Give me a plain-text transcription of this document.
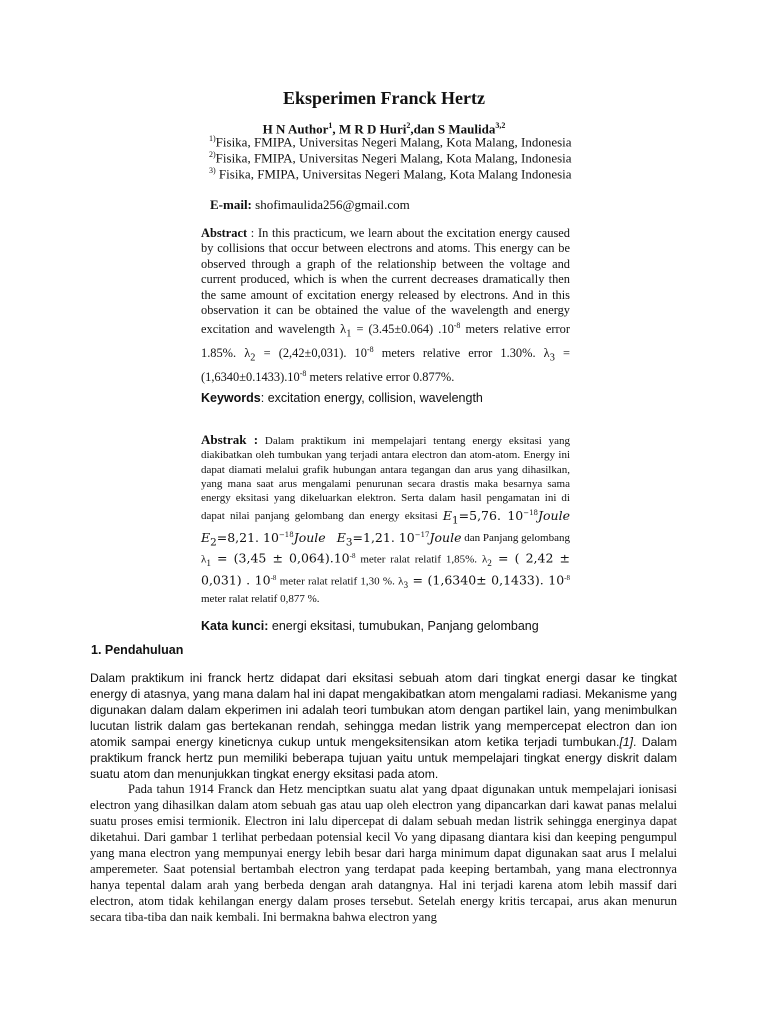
Eksperimen Franck Hertz
H N Author$^1$, M R D Huri$^2$,dan S Maulida$^{3,2}$
$^{1)}$Fisika, FMIPA, Universitas Negeri Malang, Kota Malang, Indonesia
$^{2)}$Fisika, FMIPA, Universitas Negeri Malang, Kota Malang, Indonesia
$^{3)}$ Fisika, FMIPA, Universitas Negeri Malang, Kota Malang Indonesia
E-mail: shofimaulida256@gmail.com
Abstract : In this practicum, we learn about the excitation energy caused by collisions that occur between electrons and atoms. This energy can be observed through a graph of the relationship between the voltage and current produced, which is when the current decreases dramatically then the same amount of excitation energy released by electrons. And in this observation it can be obtained the value of the wavelength and energy excitation and wavelength $\lambda_1 = (3.45\pm 0.064)$ $.10^{-8}$ meters relative error 1.85%. $\lambda_2 = (2,42\pm 0,031)$. $10^{-8}$ meters relative error 1.30%. $\lambda_3 = (1,6340\pm 0.1433).10^{-8}$ meters relative error 0.877%.
Keywords: excitation energy, collision, wavelength
Abstrak : Dalam praktikum ini mempelajari tentang energy eksitasi yang diakibatkan oleh tumbukan yang terjadi antara electron dan atom-atom. Energy ini dapat diamati melalui grafik hubungan antara tegangan dan arus yang dihasilkan, yang mana saat arus mengalami penurunan secara drastis maka besarnya sama energy eksitasi yang dikeluarkan elektron. Serta dalam hasil pengamatan ini di dapat nilai panjang gelombang dan energy eksitasi $E_1=5,76$. $10^{-18}Joule$ $E_2=8,21$. $10^{-18}Joule$ $E_3=1,21$. $10^{-17}Joule$ dan Panjang gelombang $\lambda_1 = (3,45 \pm 0,064).10^{-8}$ meter ralat relatif 1,85%. $\lambda_2$ = ( 2,42 ± 0,031) . $10^{-8}$ meter ralat relatif 1,30 %. $\lambda_3 = (1,6340\pm 0,1433)$. $10^{-8}$ meter ralat relatif 0,877 %.
Kata kunci: energi eksitasi, tumubukan, Panjang gelombang
1. Pendahuluan

Dalam praktikum ini franck hertz didapat dari eksitasi sebuah atom dari tingkat energi dasar ke tingkat energy di atasnya, yang mana dalam hal ini dapat mengakibatkan atom mengalami radiasi. Mekanisme yang digunakan dalam dalam ekperimen ini adalah teori tumbukan atom dengan partikel lain, yang menimbulkan lucutan listrik dalam gas bertekanan rendah, sehingga medan listrik yang mempercepat electron dan ion atomik sampai energy kineticnya cukup untuk mengeksitensikan atom ketika terjadi tumbukan.[1]. Dalam praktikum franck hertz pun memiliki beberapa tujuan yaitu untuk mempelajari tingkat energy diskrit dalam suatu atom dan menunjukkan tingkat energy eksitasi pada atom.

Pada tahun 1914 Franck dan Hetz menciptkan suatu alat yang dpaat digunakan untuk mempelajari ionisasi electron yang dihasilkan dalam atom sebuah gas atau uap oleh electron yang dipancarkan dari kawat panas melalui suatu proses emisi termionik. Electron ini lalu dipercepat di dalam sebuah medan listrik sehingga energinya dapat diketahui. Dari gambar 1 terlihat perbedaan potensial kecil Vo yang dipasang diantara kisi dan keeping pengumpul yang mana electron yang mempunyai energy lebih besar dari harga minimum dapat digunakan saat arus I melalui amperemeter. Saat potensial bertambah electron yang terdapat pada keeping bertambah, yang mana electronnya hanya tepental dalam arah yang berbeda dengan arah datangnya. Hal ini terjadi karena atom lebih massif dari electron, atom tidak kehilangan energy dalam proses tersebut. Setelah energy kritis tercapai, arus akan menurun secara tiba-tiba dan naik kembali. Ini bermakna bahwa electron yang
